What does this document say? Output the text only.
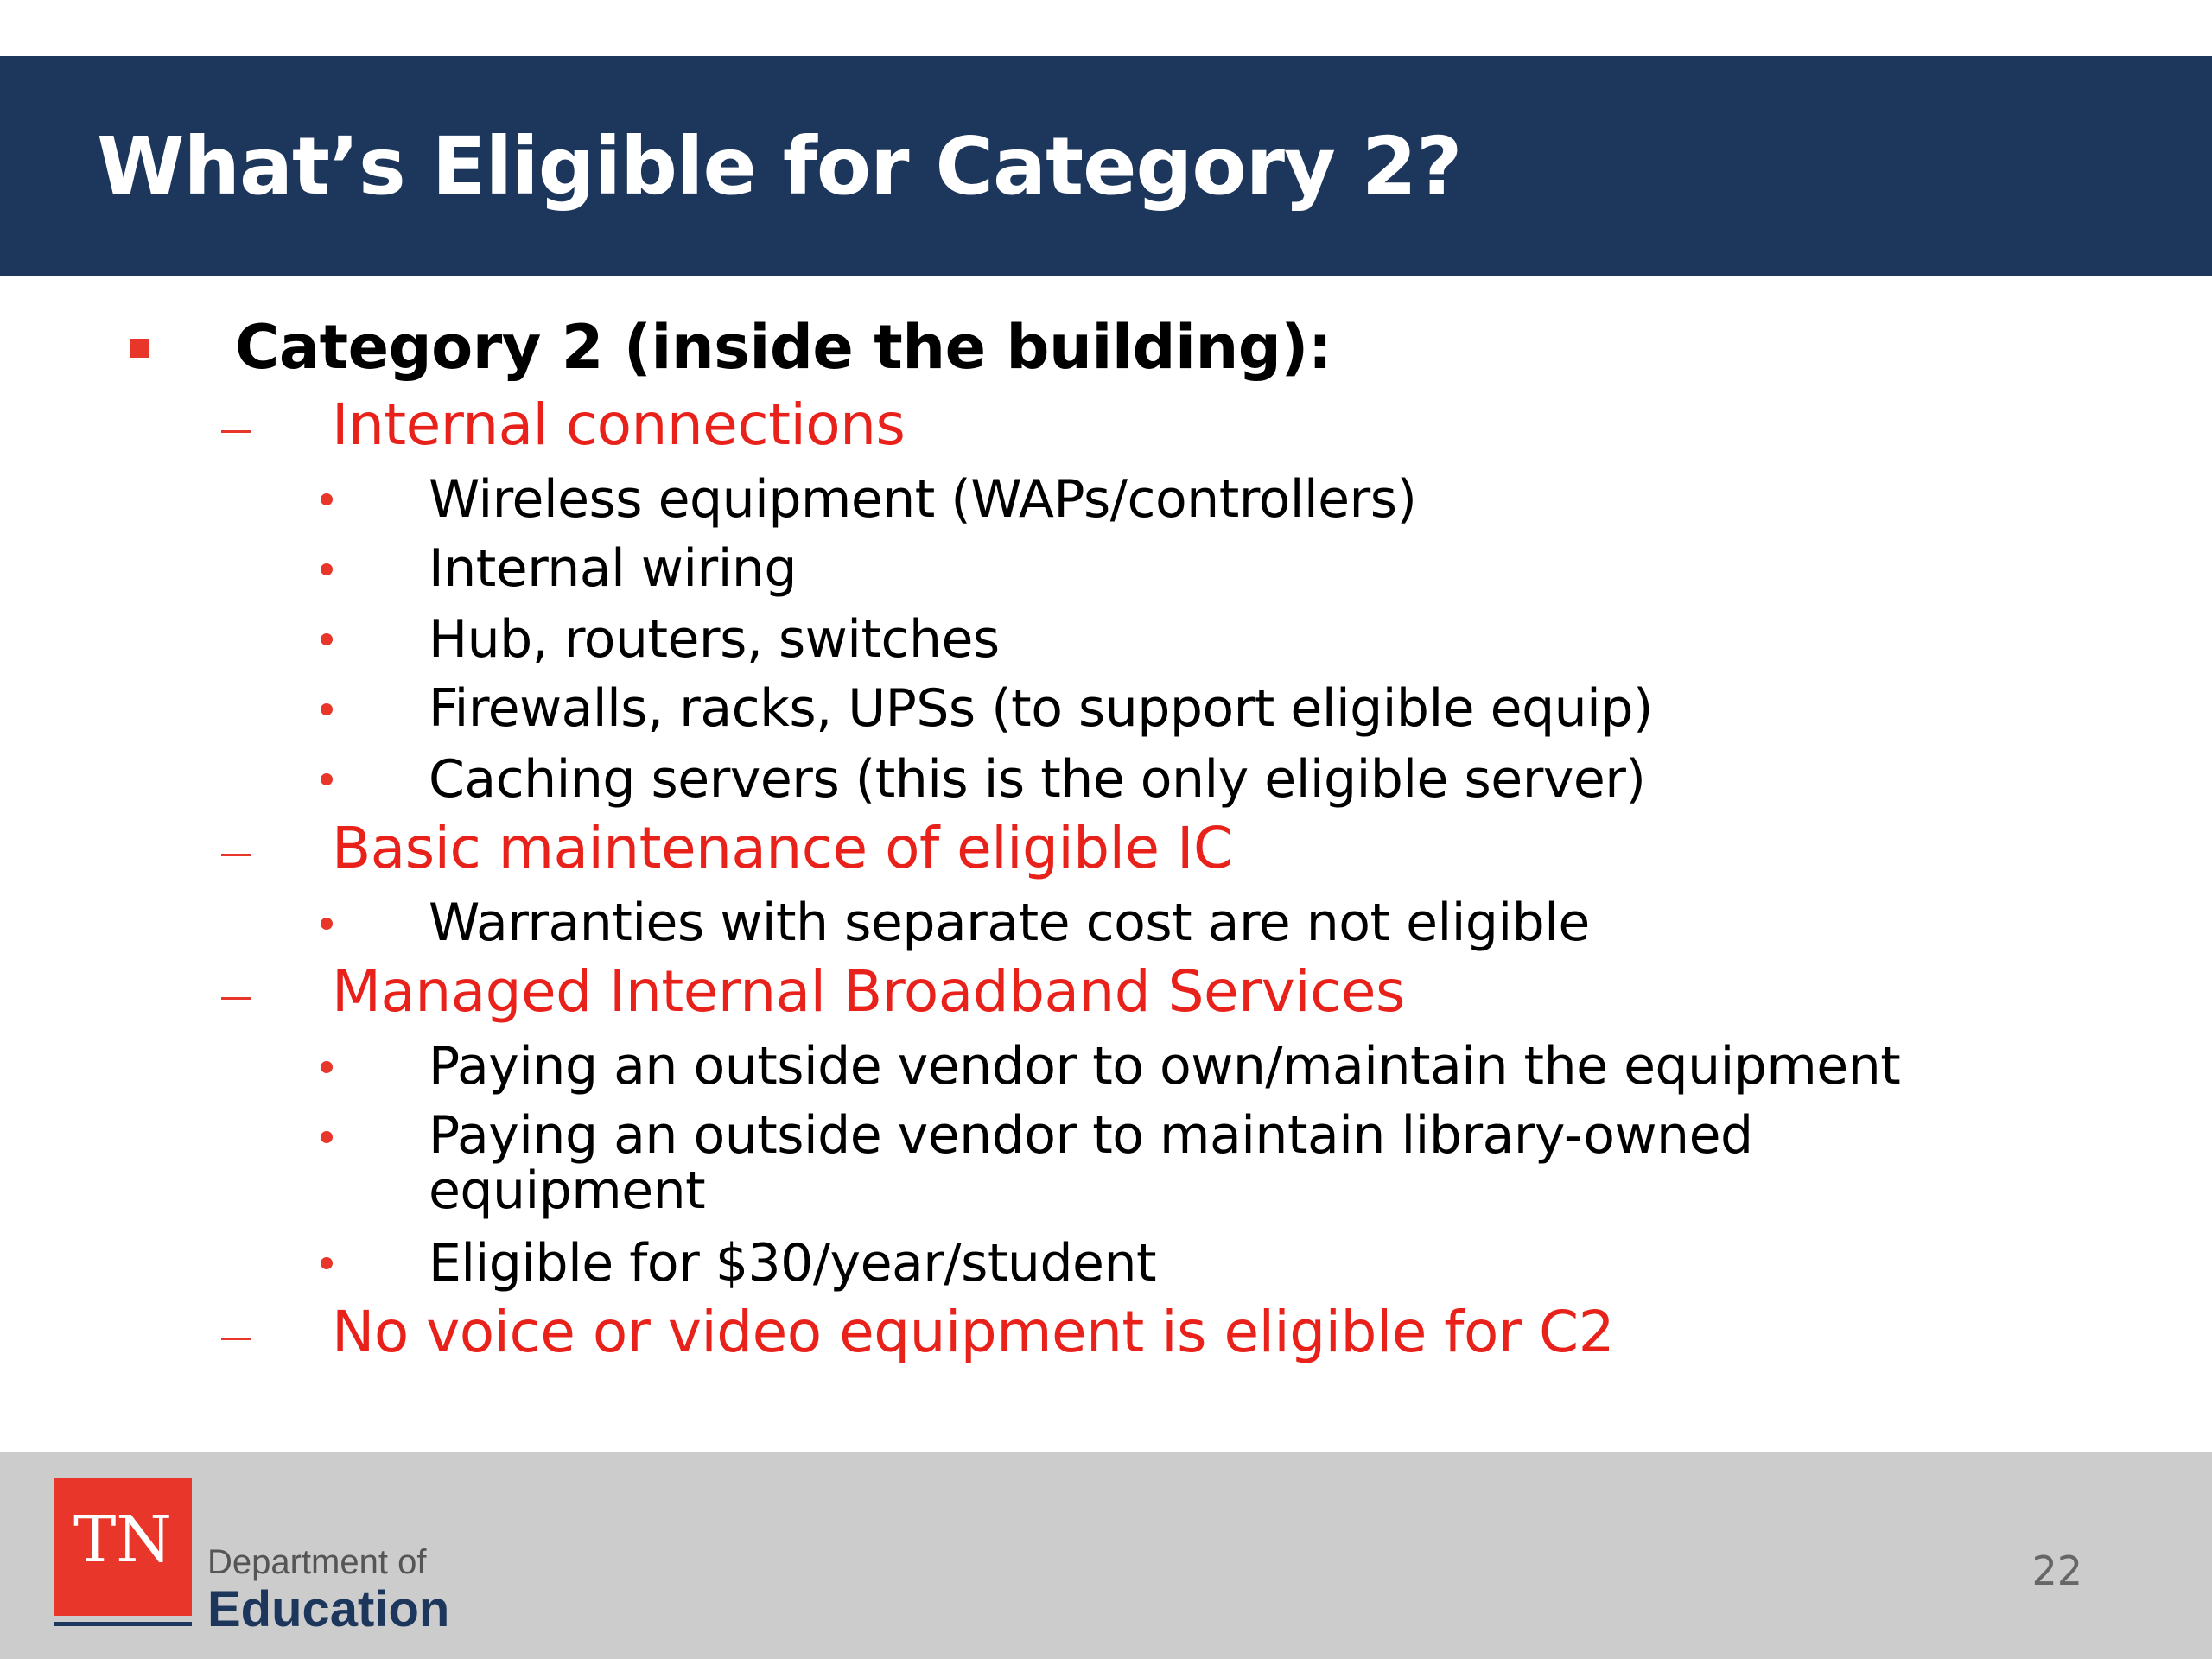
What’s Eligible for Category 2?
Category 2 (inside the building):
Internal connections
Wireless equipment (WAPs/controllers)
Internal wiring
Hub, routers, switches
Firewalls, racks, UPSs (to support eligible equip)
Caching servers (this is the only eligible server)
Basic maintenance of eligible IC
Warranties with separate cost are not eligible
Managed Internal Broadband Services
Paying an outside vendor to own/maintain the equipment
Paying an outside vendor to maintain library-owned
equipment
Eligible for $30/year/student
No voice or video equipment is eligible for C2
TN	Department of
Education
22
